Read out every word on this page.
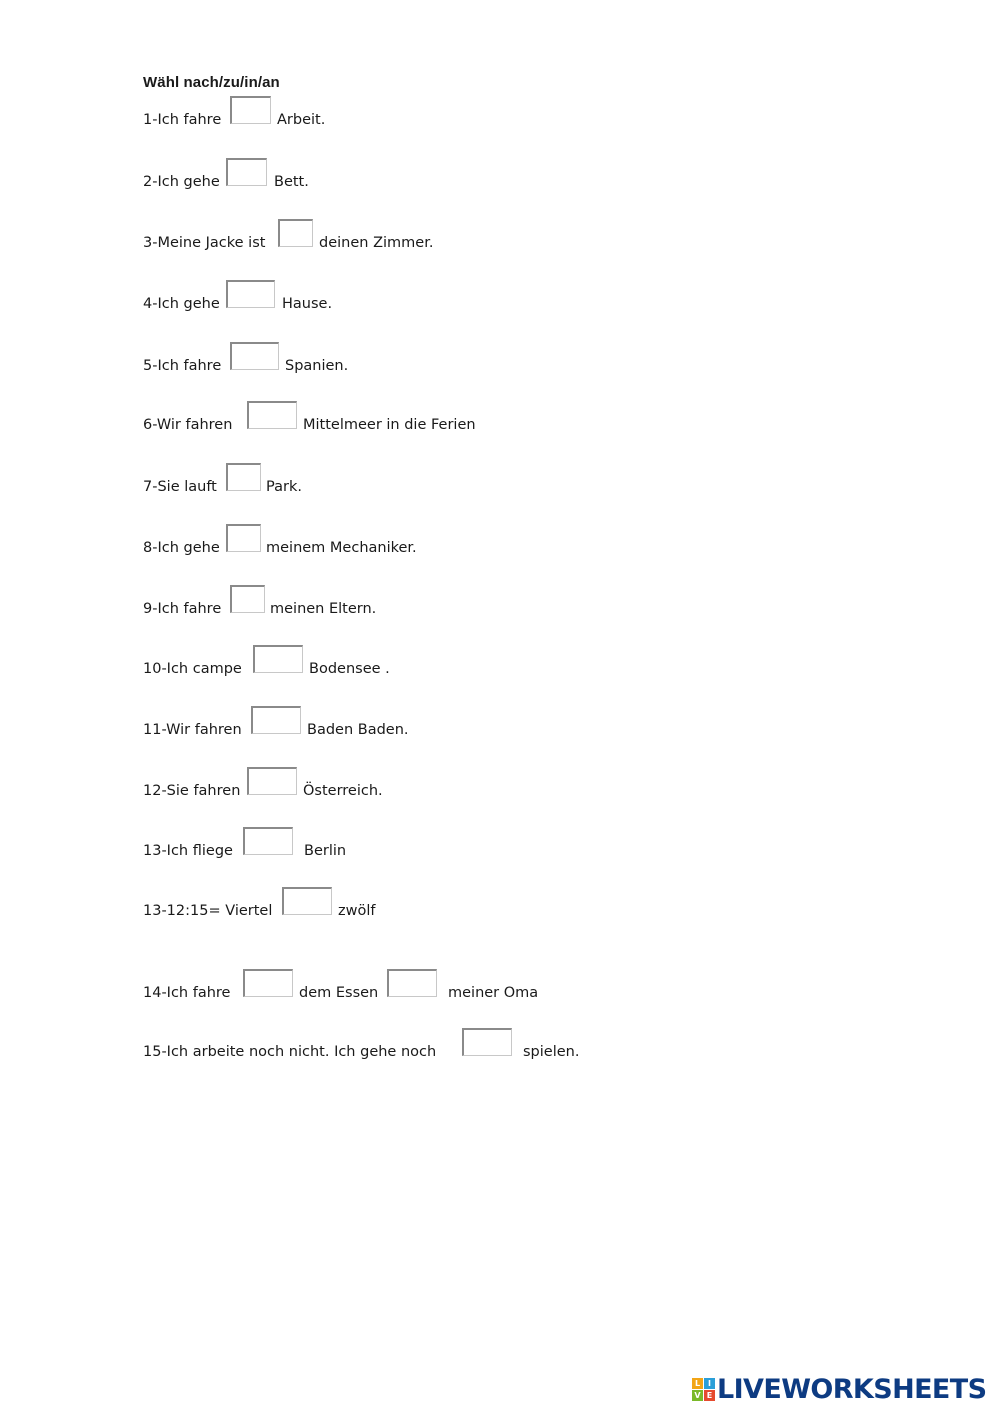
Wähl nach/zu/in/an
1-Ich fahre	Arbeit.
2-Ich gehe	Bett.
3-Meine Jacke ist	deinen Zimmer.
4-Ich gehe	Hause.
5-Ich fahre	Spanien.
6-Wir fahren	Mittelmeer in die Ferien
7-Sie lauft	Park.
8-Ich gehe	meinem Mechaniker.
9-Ich fahre	meinen Eltern.
10-Ich campe	Bodensee .
11-Wir fahren	Baden Baden.
12-Sie fahren	Österreich.
13-Ich fliege	Berlin
13-12:15= Viertel	zwölf
14-Ich fahre	dem Essen	meiner Oma
15-Ich arbeite noch nicht. Ich gehe noch	spielen.
L I
V E LIVEWORKSHEETS
